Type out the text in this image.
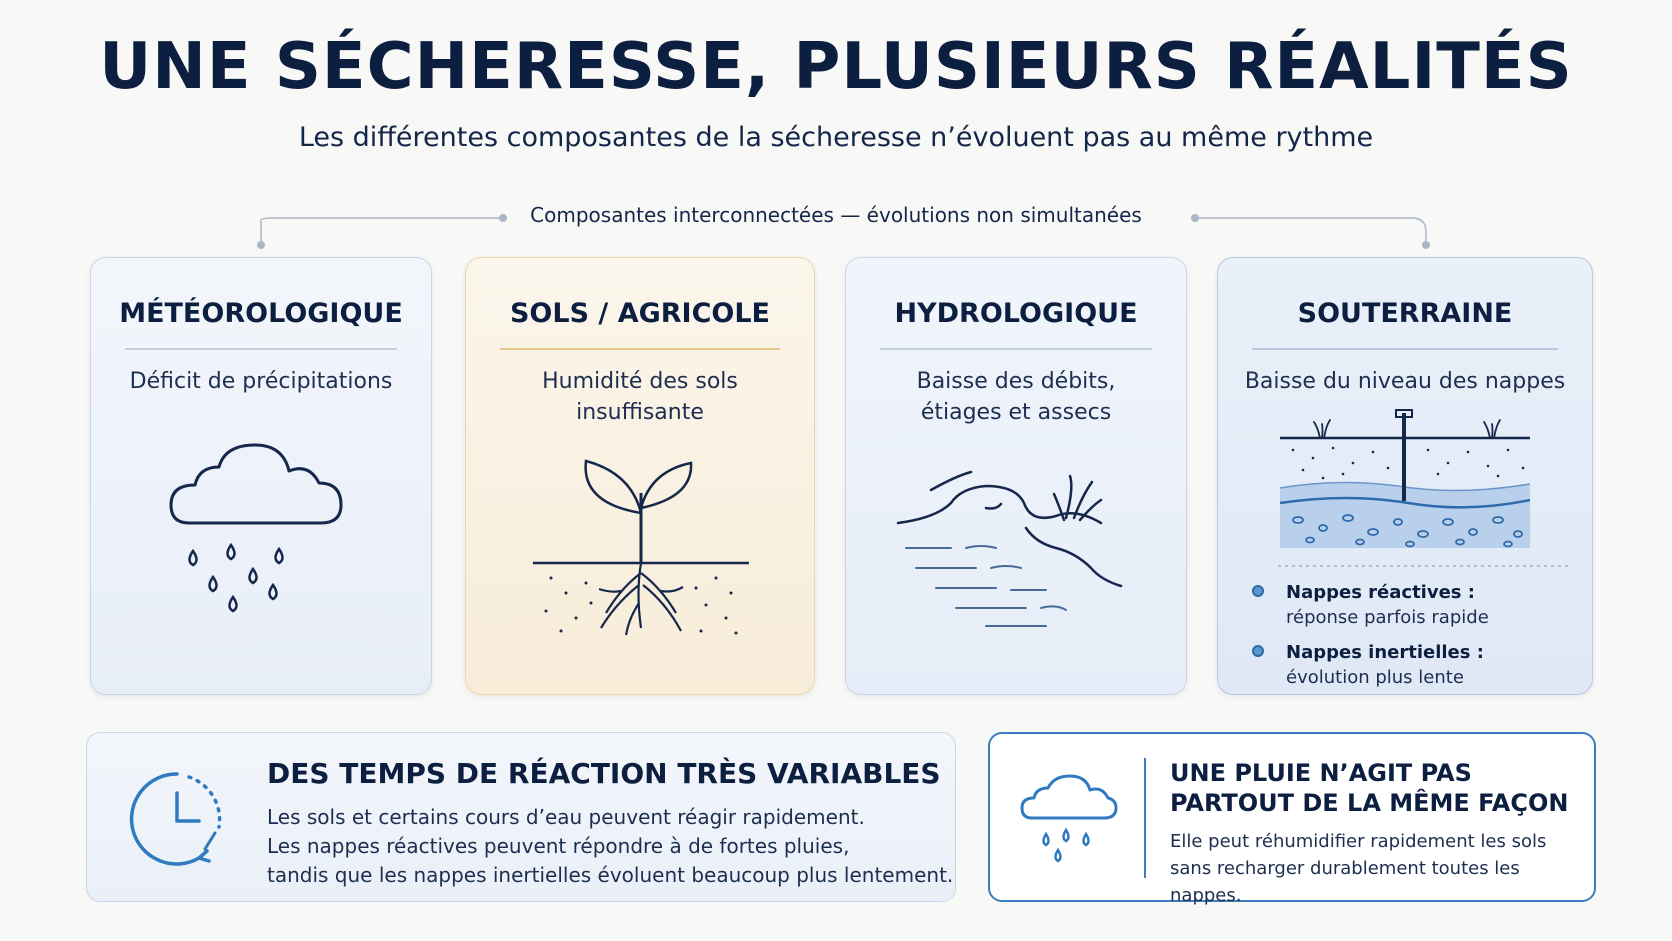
UNE SÉCHERESSE, PLUSIEURS RÉALITÉS

Les différentes composantes de la sécheresse n’évoluent pas au même rythme

Composantes interconnectées — évolutions non simultanées
MÉTÉOROLOGIQUE
Déficit de précipitations
SOLS / AGRICOLE
Humidité des sols
insuffisante
HYDROLOGIQUE
Baisse des débits,
étiages et assecs
SOUTERRAINE
Baisse du niveau des nappes
Nappes réactives :
réponse parfois rapide
Nappes inertielles :
évolution plus lente
DES TEMPS DE RÉACTION TRÈS VARIABLES
Les sols et certains cours d’eau peuvent réagir rapidement.
Les nappes réactives peuvent répondre à de fortes pluies,
tandis que les nappes inertielles évoluent beaucoup plus lentement.
UNE PLUIE N’AGIT PAS
PARTOUT DE LA MÊME FAÇON
Elle peut réhumidifier rapidement les sols
sans recharger durablement toutes les nappes.
